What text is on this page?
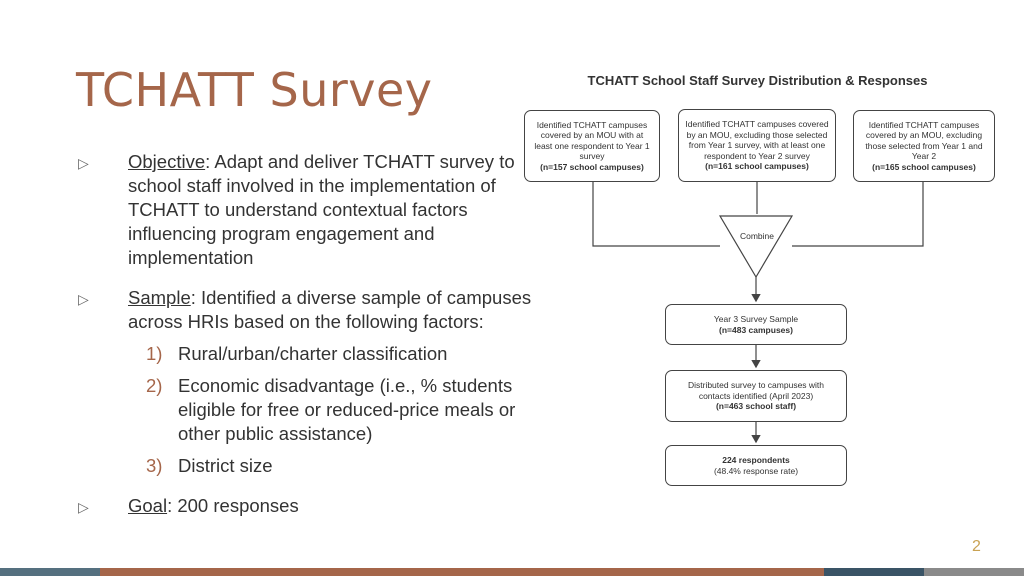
TCHATT Survey
▷ Objective: Adapt and deliver TCHATT survey to school staff involved in the implementation of TCHATT to understand contextual factors influencing program engagement and implementation
▷ Sample: Identified a diverse sample of campuses across HRIs based on the following factors:
1) Rural/urban/charter classification
2) Economic disadvantage (i.e., % students eligible for free or reduced-price meals or other public assistance)
3) District size
▷ Goal: 200 responses
TCHATT School Staff Survey Distribution & Responses
Identified TCHATT campuses covered by an MOU with at least one respondent to Year 1 survey
(n=157 school campuses)
Identified TCHATT campuses covered by an MOU, excluding those selected from Year 1 survey, with at least one respondent to Year 2 survey
(n=161 school campuses)
Identified TCHATT campuses covered by an MOU, excluding those selected from Year 1 and Year 2
(n=165 school campuses)
Combine
Year 3 Survey Sample
(n=483 campuses)
Distributed survey to campuses with contacts identified (April 2023)
(n=463 school staff)
224 respondents
(48.4% response rate)
2
